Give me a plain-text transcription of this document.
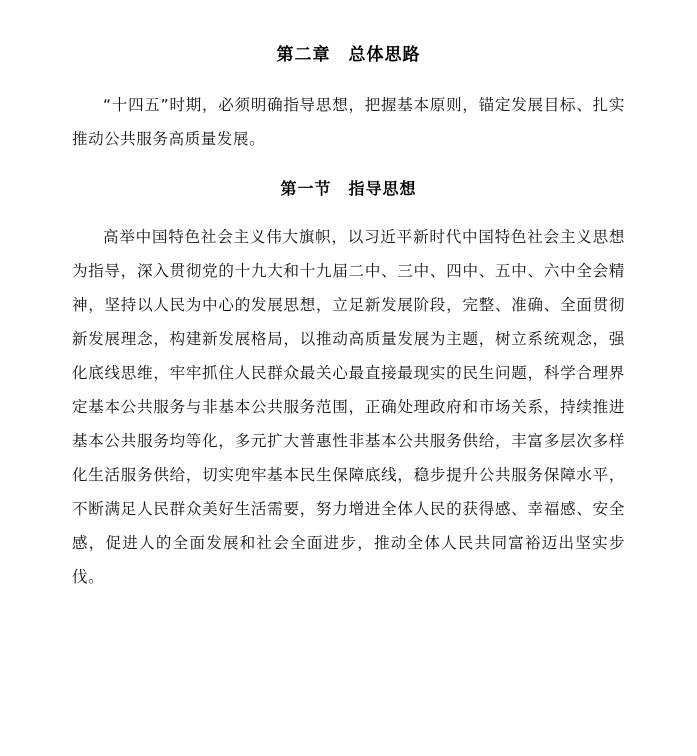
第二章　总体思路

“十四五”时期，必须明确指导思想，把握基本原则，锚定发展目标、扎实推动公共服务高质量发展。

第一节　指导思想

高举中国特色社会主义伟大旗帜，以习近平新时代中国特色社会主义思想为指导，深入贯彻党的十九大和十九届二中、三中、四中、五中、六中全会精神，坚持以人民为中心的发展思想，立足新发展阶段，完整、准确、全面贯彻新发展理念，构建新发展格局，以推动高质量发展为主题，树立系统观念，强化底线思维，牢牢抓住人民群众最关心最直接最现实的民生问题，科学合理界定基本公共服务与非基本公共服务范围，正确处理政府和市场关系，持续推进基本公共服务均等化，多元扩大普惠性非基本公共服务供给，丰富多层次多样化生活服务供给，切实兜牢基本民生保障底线，稳步提升公共服务保障水平，不断满足人民群众美好生活需要，努力增进全体人民的获得感、幸福感、安全感，促进人的全面发展和社会全面进步，推动全体人民共同富裕迈出坚实步伐。
